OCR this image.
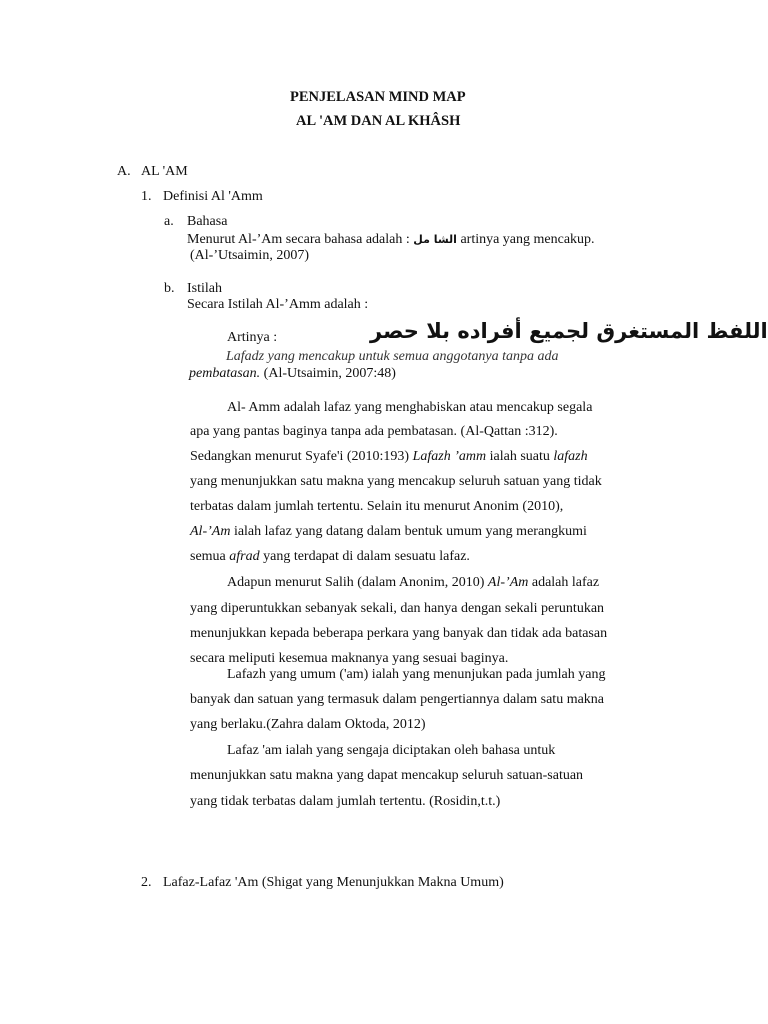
PENJELASAN MIND MAP
AL 'AM DAN AL KHÂSH
A. AL 'AM
1. Definisi Al 'Amm
a. Bahasa
Menurut Al-’Am secara bahasa adalah : الشا مل artinya yang mencakup.
(Al-’Utsaimin, 2007)
b. Istilah
Secara Istilah Al-’Amm adalah :
Artinya :	اللفظ المستغرق لجميع أفراده بلا حصر
Lafadz yang mencakup untuk semua anggotanya tanpa ada
pembatasan. (Al-Utsaimin, 2007:48)
Al- Amm adalah lafaz yang menghabiskan atau mencakup segala
apa yang pantas baginya tanpa ada pembatasan. (Al-Qattan :312).
Sedangkan menurut Syafe'i (2010:193) Lafazh ’amm ialah suatu lafazh
yang menunjukkan satu makna yang mencakup seluruh satuan yang tidak
terbatas dalam jumlah tertentu. Selain itu menurut Anonim (2010),
Al-’Am ialah lafaz yang datang dalam bentuk umum yang merangkumi
semua afrad yang terdapat di dalam sesuatu lafaz.
Adapun menurut Salih (dalam Anonim, 2010) Al-’Am adalah lafaz
yang diperuntukkan sebanyak sekali, dan hanya dengan sekali peruntukan
menunjukkan kepada beberapa perkara yang banyak dan tidak ada batasan
secara meliputi kesemua maknanya yang sesuai baginya.
Lafazh yang umum ('am) ialah yang menunjukan pada jumlah yang
banyak dan satuan yang termasuk dalam pengertiannya dalam satu makna
yang berlaku.(Zahra dalam Oktoda, 2012)
Lafaz 'am ialah yang sengaja diciptakan oleh bahasa untuk
menunjukkan satu makna yang dapat mencakup seluruh satuan-satuan
yang tidak terbatas dalam jumlah tertentu. (Rosidin,t.t.)
2. Lafaz-Lafaz 'Am (Shigat yang Menunjukkan Makna Umum)
